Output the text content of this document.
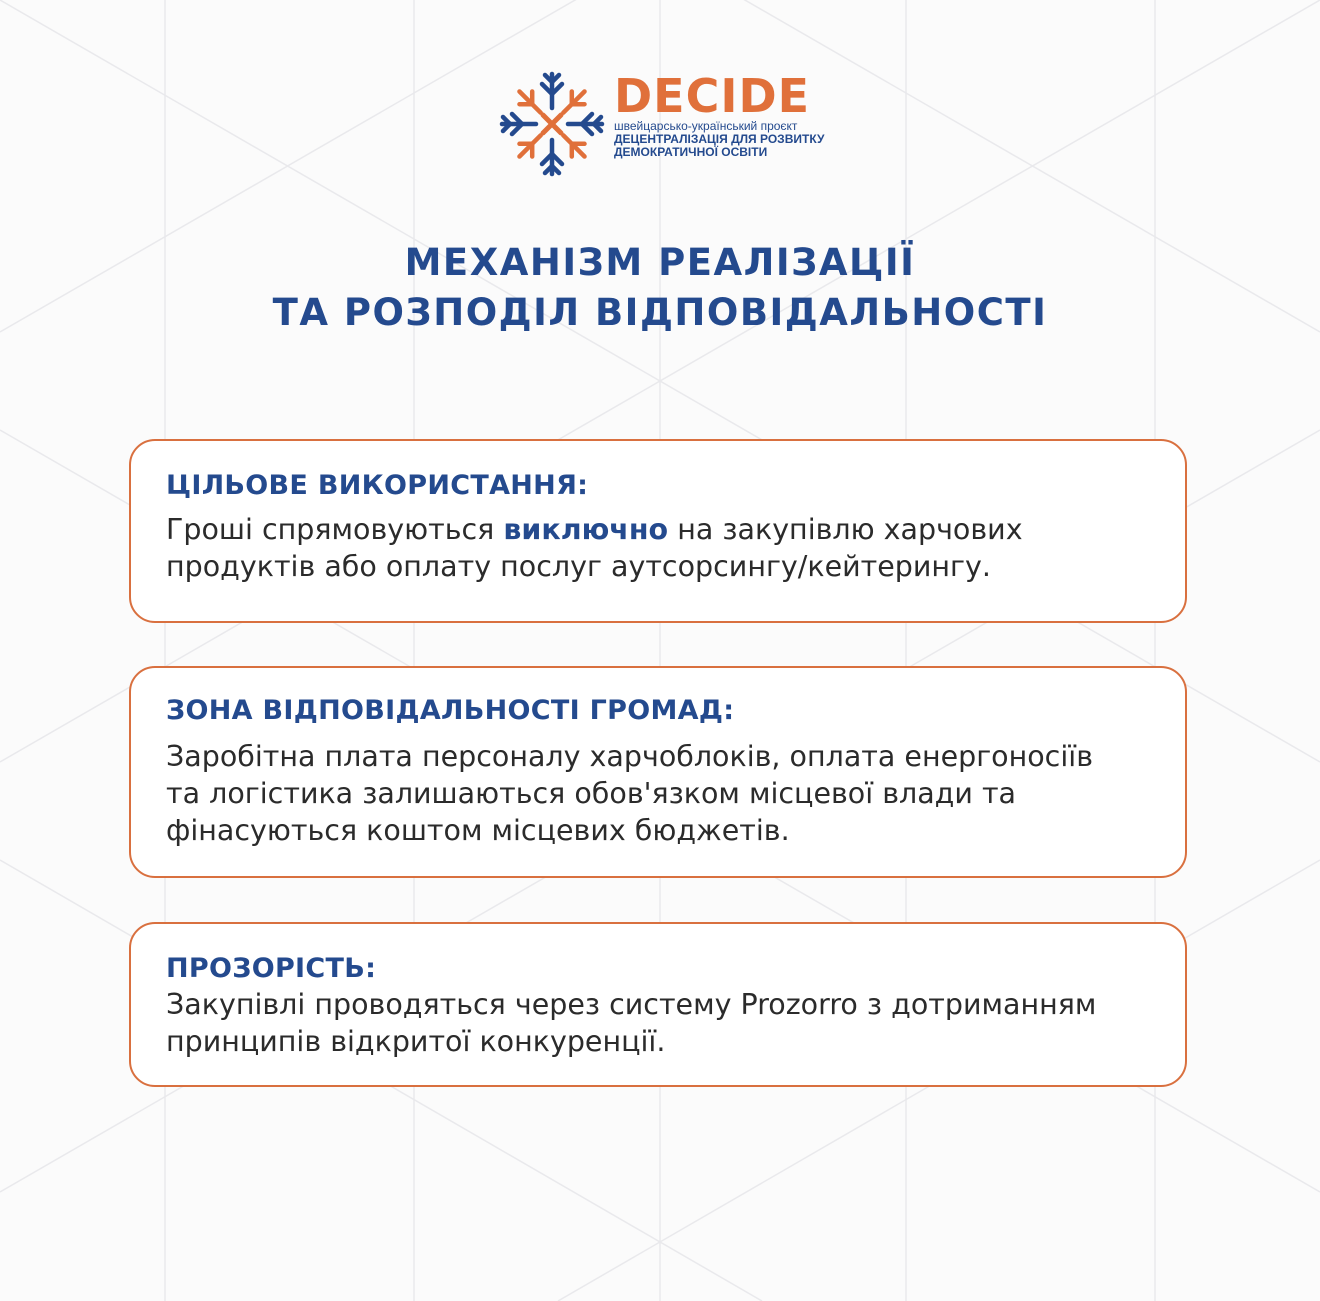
DECIDE
швейцарсько-український проєкт
ДЕЦЕНТРАЛІЗАЦІЯ ДЛЯ РОЗВИТКУ
ДЕМОКРАТИЧНОЇ ОСВІТИ
МЕХАНІЗМ РЕАЛІЗАЦІЇ
ТА РОЗПОДІЛ ВІДПОВІДАЛЬНОСТІ
ЦІЛЬОВЕ ВИКОРИСТАННЯ:
Гроші спрямовуються виключно на закупівлю харчових
продуктів або оплату послуг аутсорсингу/кейтерингу.
ЗОНА ВІДПОВІДАЛЬНОСТІ ГРОМАД:
Заробітна плата персоналу харчоблоків, оплата енергоносіїв
та логістика залишаються обов'язком місцевої влади та
фінасуються коштом місцевих бюджетів.
ПРОЗОРІСТЬ:
Закупівлі проводяться через систему Prozorro з дотриманням
принципів відкритої конкуренції.
